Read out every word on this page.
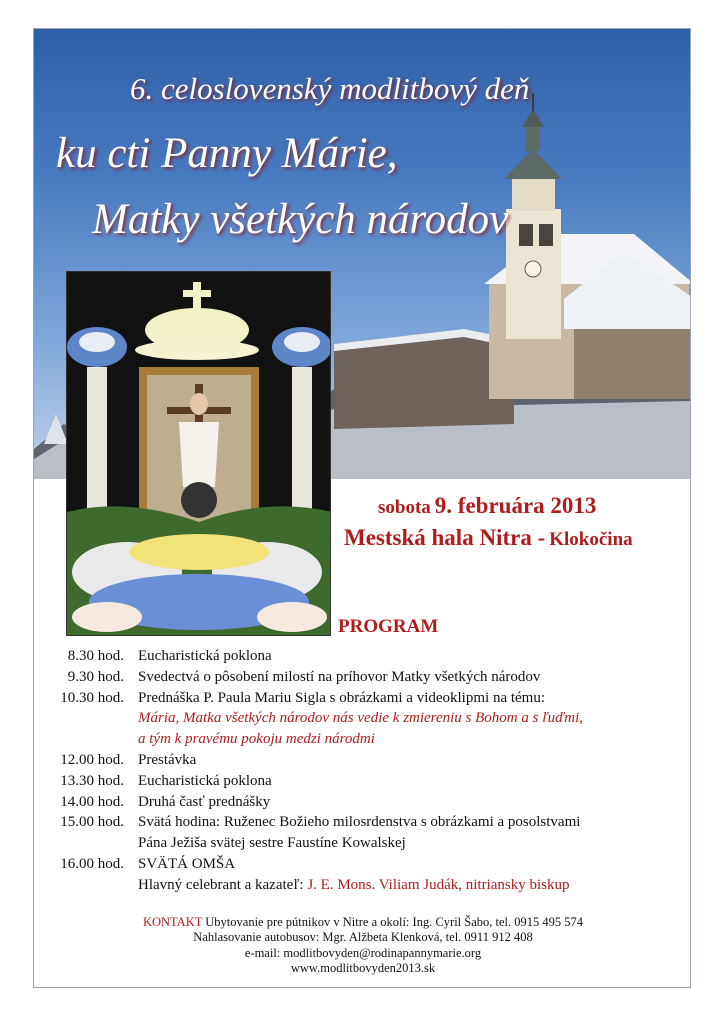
6. celoslovenský modlitbový deň
ku cti Panny Márie,
Matky všetkých národov
sobota 9. februára 2013
Mestská hala Nitra - Klokočina
PROGRAM
8.30 hod. Eucharistická poklona
9.30 hod. Svedectvá o pôsobení milostí na príhovor Matky všetkých národov
10.30 hod. Prednáška P. Paula Mariu Sigla s obrázkami a videoklipmi na tému:
Mária, Matka všetkých národov nás vedie k zmiereniu s Bohom a s ľuďmi,
a tým k pravému pokoju medzi národmi
12.00 hod. Prestávka
13.30 hod. Eucharistická poklona
14.00 hod. Druhá časť prednášky
15.00 hod. Svätá hodina: Ruženec Božieho milosrdenstva s obrázkami a posolstvami
Pána Ježiša svätej sestre Faustíne Kowalskej
16.00 hod. SVÄTÁ OMŠA
Hlavný celebrant a kazateľ: J. E. Mons. Viliam Judák, nitriansky biskup
KONTAKT Ubytovanie pre pútnikov v Nitre a okolí: Ing. Cyril Šabo, tel. 0915 495 574
Nahlasovanie autobusov: Mgr. Alžbeta Klenková, tel. 0911 912 408
e-mail: modlitbovyden@rodinapannymarie.org
www.modlitbovyden2013.sk
